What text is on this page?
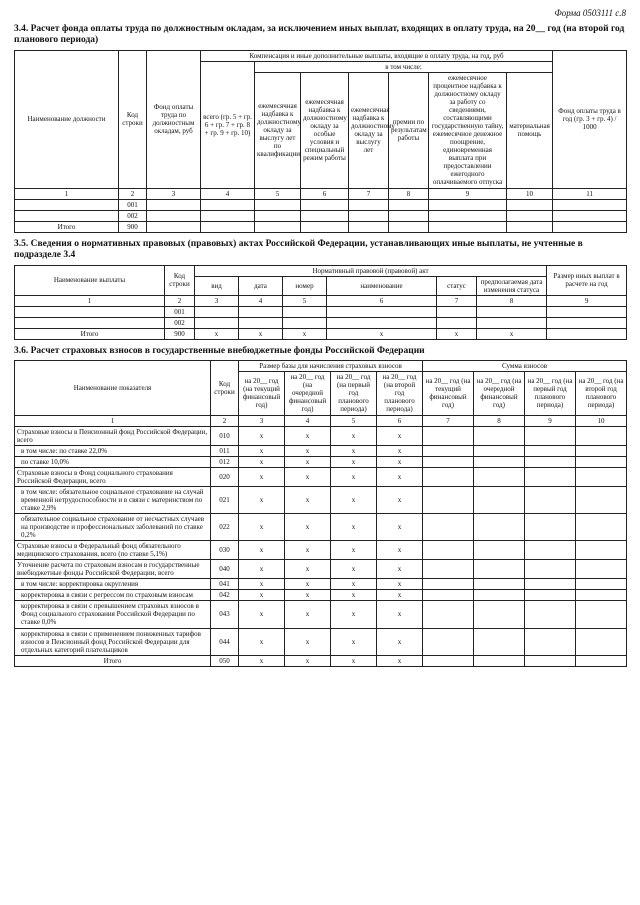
Форма 0503111 с.8
3.4. Расчет фонда оплаты труда по должностным окладам, за исключением иных выплат, входящих в оплату труда, на 20__ год (на второй год планового периода)
Наименование должности	Код строки	Фонд оплаты труда по должностным окладам, руб	Компенсация и иные дополнительные выплаты, входящие в оплату труда, на год, руб							Фонд оплаты труда в год (гр. 3 + гр. 4) / 1000
			всего (гр. 5 + гр. 6 + гр. 7 + гр. 8 + гр. 9 + гр. 10)	в том числе:						
				ежемесячная надбавка к должностному окладу за выслугу лет по квалификации	ежемесячная надбавка к должностному окладу за особые условия и специальный режим работы	ежемесячная надбавка к должностному окладу за выслугу лет	премии по результатам работы	ежемесячное процентное надбавка к должностному окладу за работу со сведениями, составляющими государственную тайну, ежемесячное денежное поощрение, единовременная выплата при предоставлении ежегодного оплачиваемого отпуска	материальная помощь	
1	2	3	4	5	6	7	8	9	10	11
	001									
	002									
Итого	900									
3.5. Сведения о нормативных правовых (правовых) актах Российской Федерации, устанавливающих иные выплаты, не учтенные в подразделе 3.4
Наименование выплаты	Код строки	Нормативный правовой (правовой) акт						Размер иных выплат в расчете на год
		вид	дата	номер	наименование	статус	предполагаемая дата изменения статуса	
1	2	3	4	5	6	7	8	9
	001							
	002							
Итого	900	х	х	х	х	х	х	
3.6. Расчет страховых взносов в государственные внебюджетные фонды Российской Федерации
Наименование показателя	Код строки	Размер базы для начисления страховых взносов				Сумма взносов			
		на 20__ год (на текущий финансовый год)	на 20__ год (на очередной финансовый год)	на 20__ год (на первый год планового периода)	на 20__ год (на второй год планового периода)	на 20__ год (на текущий финансовый год)	на 20__ год (на очередной финансовый год)	на 20__ год (на первый год планового периода)	на 20__ год (на второй год планового периода)
1	2	3	4	5	6	7	8	9	10
Страховые взносы в Пенсионный фонд Российской Федерации, всего	010	х	х	х	х				
в том числе: по ставке 22,0%	011	х	х	х	х				
по ставке 10,0%	012	х	х	х	х				
Страховые взносы в Фонд социального страхования Российской Федерации, всего	020	х	х	х	х				
в том числе: обязательное социальное страхование на случай временной нетрудоспособности и в связи с материнством по ставке 2,9%	021	х	х	х	х				
обязательное социальное страхование от несчастных случаев на производстве и профессиональных заболеваний по ставке 0,2%	022	х	х	х	х				
Страховые взносы в Федеральный фонд обязательного медицинского страхования, всего (по ставке 5,1%)	030	х	х	х	х				
Уточнение расчета по страховым взносам в государственные внебюджетные фонды Российской Федерации, всего	040	х	х	х	х				
в том числе: корректировка округления	041	х	х	х	х				
корректировка в связи с регрессом по страховым взносам	042	х	х	х	х				
корректировка в связи с превышением страховых взносов в Фонд социального страхования Российской Федерации по ставке 0,0%	043	х	х	х	х				
корректировка в связи с применением пониженных тарифов взносов в Пенсионный фонд Российской Федерации для отдельных категорий плательщиков	044	х	х	х	х				
Итого	050	х	х	х	х				
